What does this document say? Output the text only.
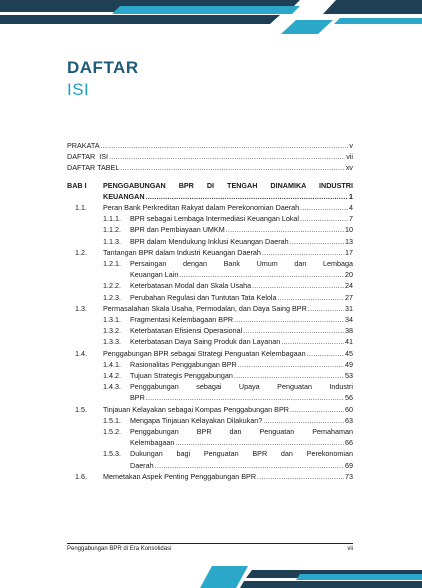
DAFTAR
ISI
PRAKATA .....	v
DAFTAR  ISI .....	vii
DAFTAR TABEL .....	xv
BAB I	PENGGABUNGAN  BPR  DI  TENGAH  DINAMIKA  INDUSTRI
KEUANGAN .....	1
1.1.	Peran Bank Perkreditan Rakyat dalam Perekonomian Daerah .....	4
1.1.1.	BPR sebagai Lembaga Intermediasi Keuangan Lokal .....	7
1.1.2.	BPR dan Pembiayaan UMKM .....	10
1.1.3.	BPR dalam Mendukung Inklusi Keuangan Daerah .....	13
1.2.	Tantangan BPR dalam Industri Keuangan Daerah .....	17
1.2.1.	Persaingan   dengan   Bank   Umum   dan   Lembaga
Keuangan Lain .....	20
1.2.2.	Keterbatasan Modal dan Skala Usaha .....	24
1.2.3.	Perubahan Regulasi dan Tuntutan Tata Kelola .....	27
1.3.	Permasalahan Skala Usaha, Permodalan, dan Daya Saing BPR .....	31
1.3.1.	Fragmentasi Kelembagaan BPR .....	34
1.3.2.	Keterbatasan Efisiensi Operasional .....	38
1.3.3.	Keterbatasan Daya Saing Produk dan Layanan .....	41
1.4.	Penggabungan BPR sebagai Strategi Penguatan Kelembagaan .....	45
1.4.1.	Rasionalitas Penggabungan BPR .....	49
1.4.2.	Tujuan Strategis Penggabungan .....	53
1.4.3.	Penggabungan   sebagai   Upaya   Penguatan   Industri
BPR .....	56
1.5.	Tinjauan Kelayakan sebagai Kompas Penggabungan BPR .....	60
1.5.1.	Mengapa Tinjauan Kelayakan Dilakukan? .....	63
1.5.2.	Penggabungan    BPR    dan    Penguatan    Pemahaman
Kelembagaan .....	66
1.5.3.	Dukungan   bagi   Penguatan   BPR   dan   Perekonomian
Daerah .....	69
1.6.	Memetakan Aspek Penting Penggabungan BPR .....	73
Penggabungan BPR di Era Konsolidasi	vii
